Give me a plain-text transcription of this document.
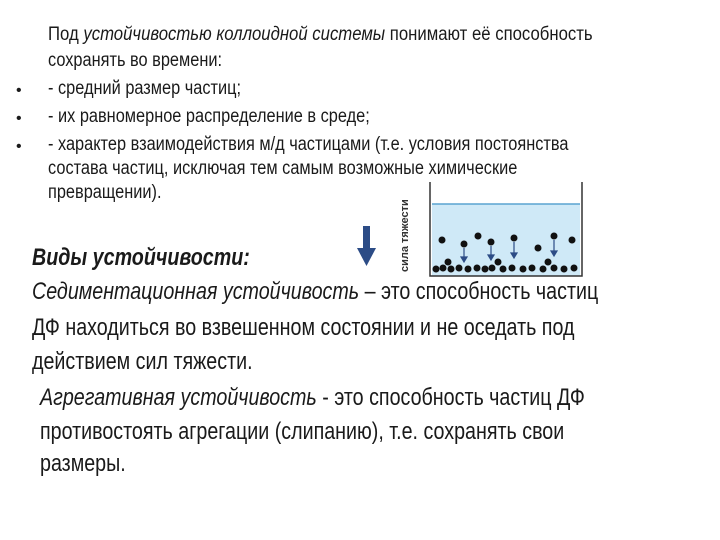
Под устойчивостью коллоидной системы понимают её способность
сохранять во времени:
• - средний размер частиц;
• - их равномерное распределение в среде;
• - характер взаимодействия м/д частицами (т.е. условия постоянства
состава частиц, исключая тем самым возможные химические
превращении).
сила тяжести
Виды устойчивости:
Седиментационная устойчивость – это способность частиц
ДФ находиться во взвешенном состоянии и не оседать под
действием сил тяжести.
Агрегативная устойчивость - это способность частиц ДФ
противостоять агрегации (слипанию), т.е. сохранять свои
размеры.
